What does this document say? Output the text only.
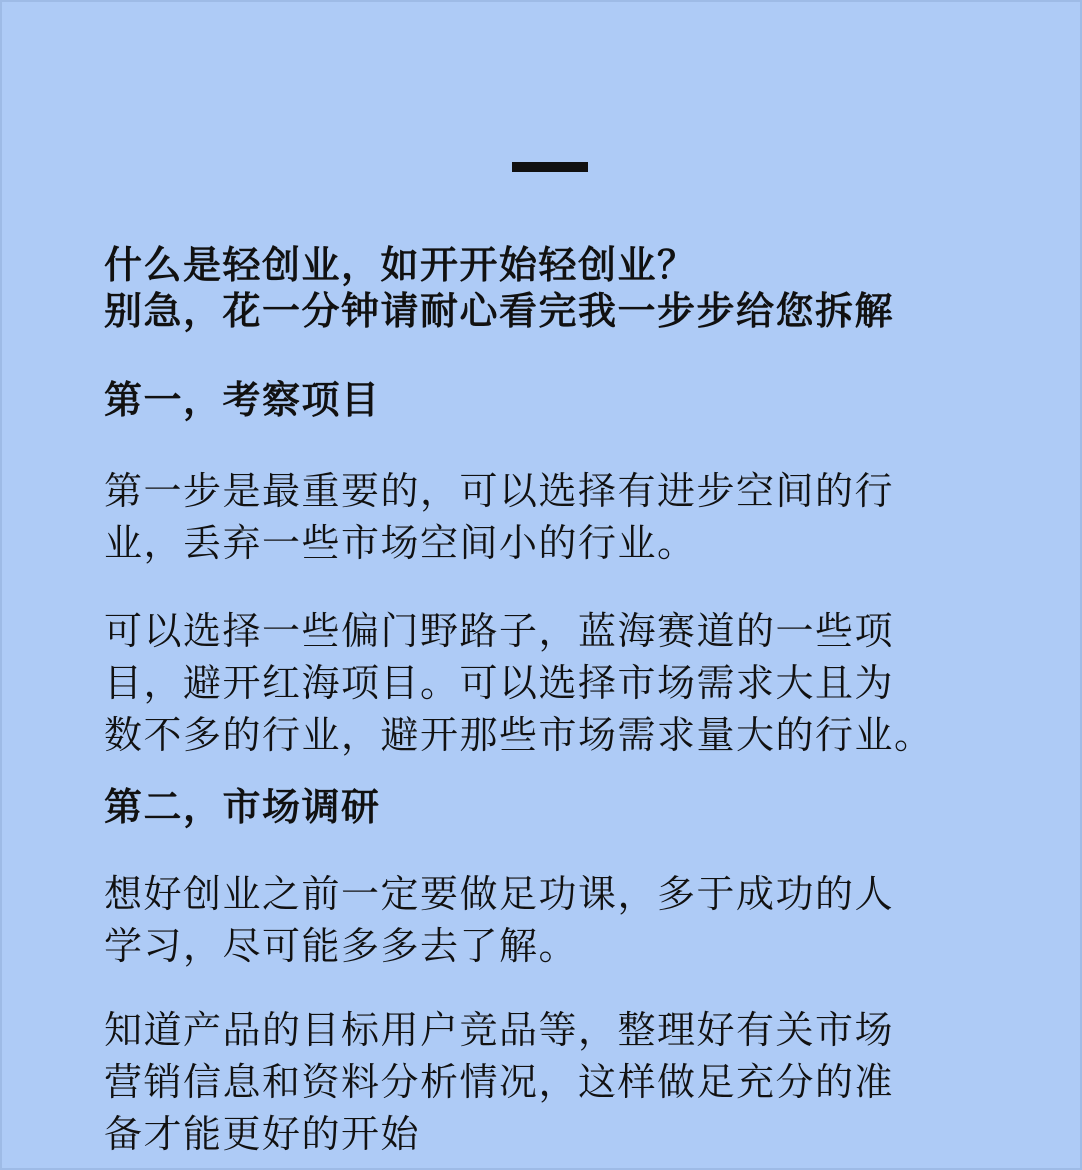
什么是轻创业，如开开始轻创业？
别急，花一分钟请耐心看完我一步步给您拆解
第一，考察项目
第一步是最重要的，可以选择有进步空间的行
业，丢弃一些市场空间小的行业。
可以选择一些偏门野路子，蓝海赛道的一些项
目，避开红海项目。可以选择市场需求大且为
数不多的行业，避开那些市场需求量大的行业。
第二，市场调研
想好创业之前一定要做足功课，多于成功的人
学习，尽可能多多去了解。
知道产品的目标用户竞品等，整理好有关市场
营销信息和资料分析情况，这样做足充分的准
备才能更好的开始
